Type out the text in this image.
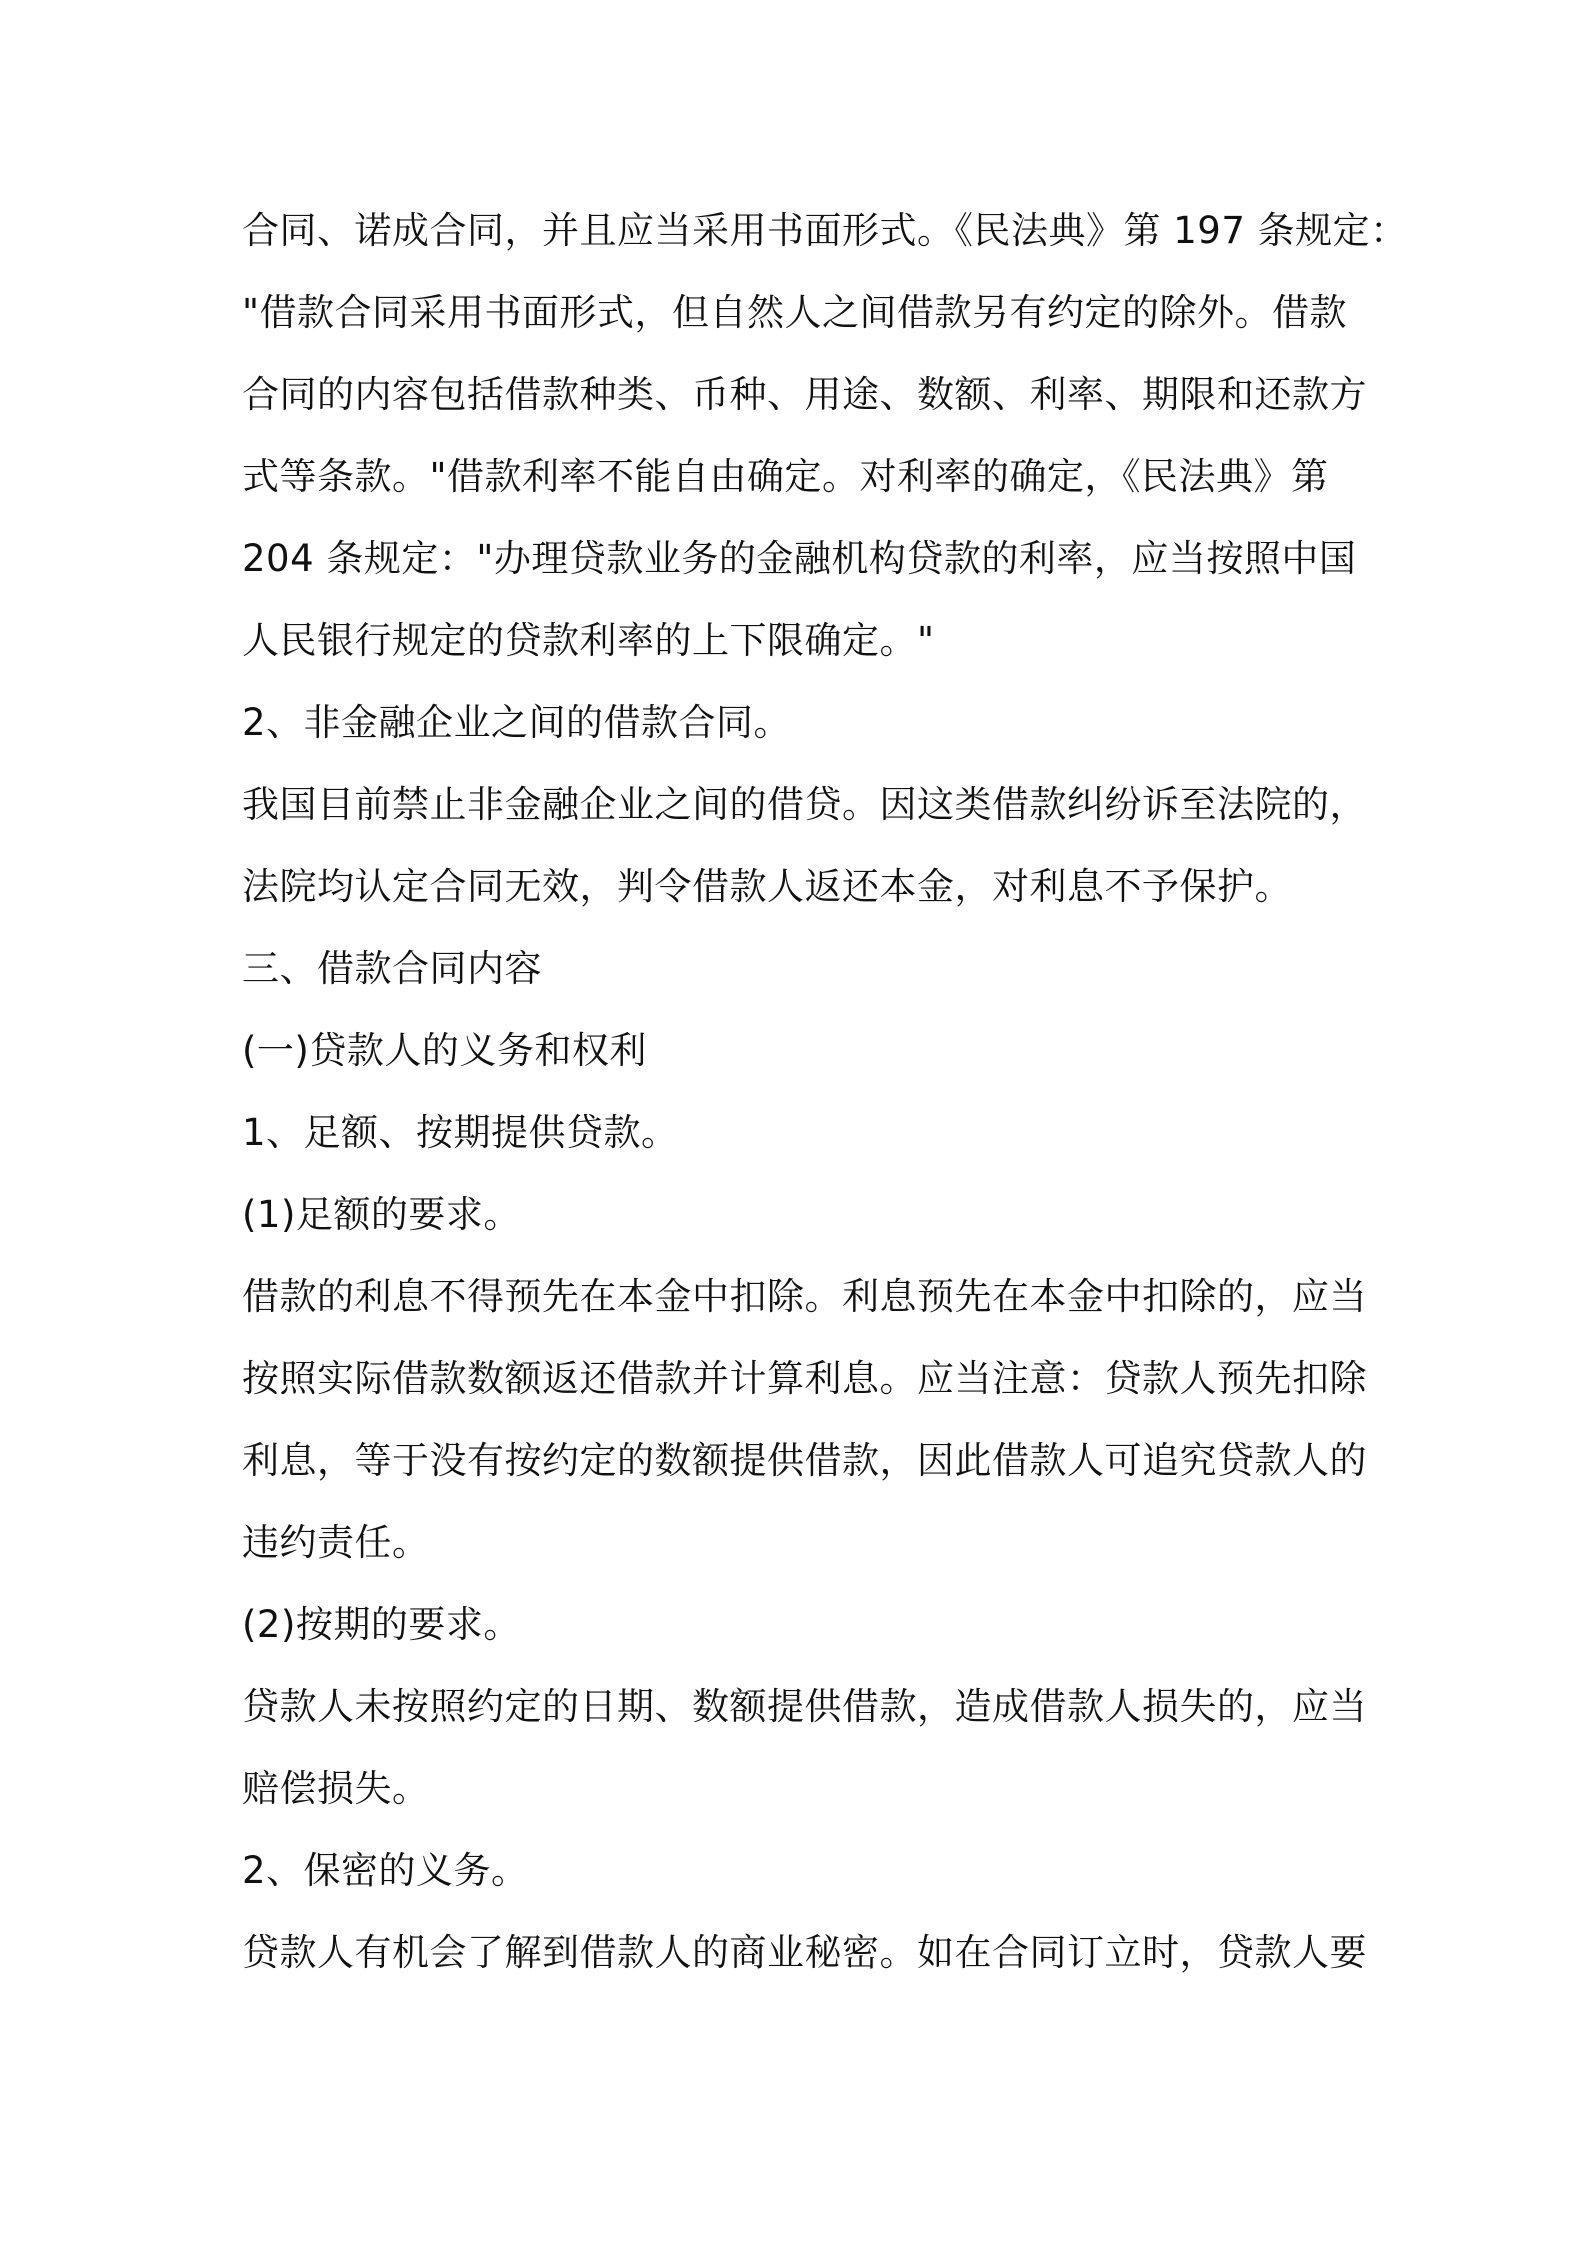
合同、诺成合同，并且应当采用书面形式。《民法典》第 197 条规定：
"借款合同采用书面形式，但自然人之间借款另有约定的除外。借款
合同的内容包括借款种类、币种、用途、数额、利率、期限和还款方
式等条款。"借款利率不能自由确定。对利率的确定，《民法典》第
204 条规定："办理贷款业务的金融机构贷款的利率，应当按照中国
人民银行规定的贷款利率的上下限确定。"
2、非金融企业之间的借款合同。
我国目前禁止非金融企业之间的借贷。因这类借款纠纷诉至法院的，
法院均认定合同无效，判令借款人返还本金，对利息不予保护。
三、借款合同内容
(一)贷款人的义务和权利
1、足额、按期提供贷款。
(1)足额的要求。
借款的利息不得预先在本金中扣除。利息预先在本金中扣除的，应当
按照实际借款数额返还借款并计算利息。应当注意：贷款人预先扣除
利息，等于没有按约定的数额提供借款，因此借款人可追究贷款人的
违约责任。
(2)按期的要求。
贷款人未按照约定的日期、数额提供借款，造成借款人损失的，应当
赔偿损失。
2、保密的义务。
贷款人有机会了解到借款人的商业秘密。如在合同订立时，贷款人要
